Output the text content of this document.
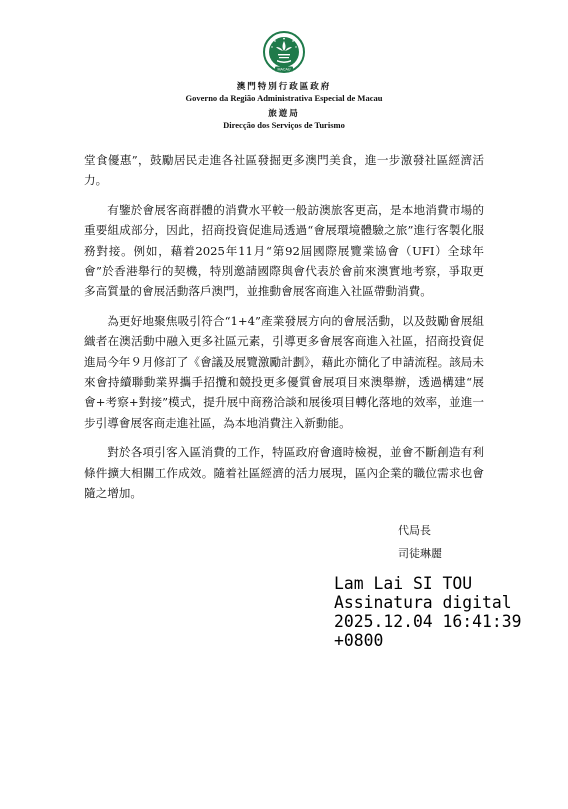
MACAU
澳門特別行政區政府
Governo da Região Administrativa Especial de Macau
旅遊局
Direcção dos Serviços de Turismo

堂食優惠”，鼓勵居民走進各社區發掘更多澳門美食，進一步激發社區經濟活力。

有鑒於會展客商群體的消費水平較一般訪澳旅客更高，是本地消費市場的重要組成部分，因此，招商投資促進局透過“會展環境體驗之旅”進行客製化服務對接。例如，藉着2025年11月“第92屆國際展覽業協會（UFI）全球年會”於香港舉行的契機，特別邀請國際與會代表於會前來澳實地考察，爭取更多高質量的會展活動落戶澳門，並推動會展客商進入社區帶動消費。

為更好地聚焦吸引符合“1+4”產業發展方向的會展活動，以及鼓勵會展組織者在澳活動中融入更多社區元素，引導更多會展客商進入社區，招商投資促進局今年９月修訂了《會議及展覽激勵計劃》，藉此亦簡化了申請流程。該局未來會持續聯動業界攜手招攬和競投更多優質會展項目來澳舉辦，透過構建“展會+考察+對接”模式，提升展中商務洽談和展後項目轉化落地的效率，並進一步引導會展客商走進社區，為本地消費注入新動能。

對於各項引客入區消費的工作，特區政府會適時檢視，並會不斷創造有利條件擴大相關工作成效。隨着社區經濟的活力展現，區內企業的職位需求也會隨之增加。

代局長
司徒琳麗
Lam Lai SI TOU
Assinatura digital
2025.12.04 16:41:39
+0800
